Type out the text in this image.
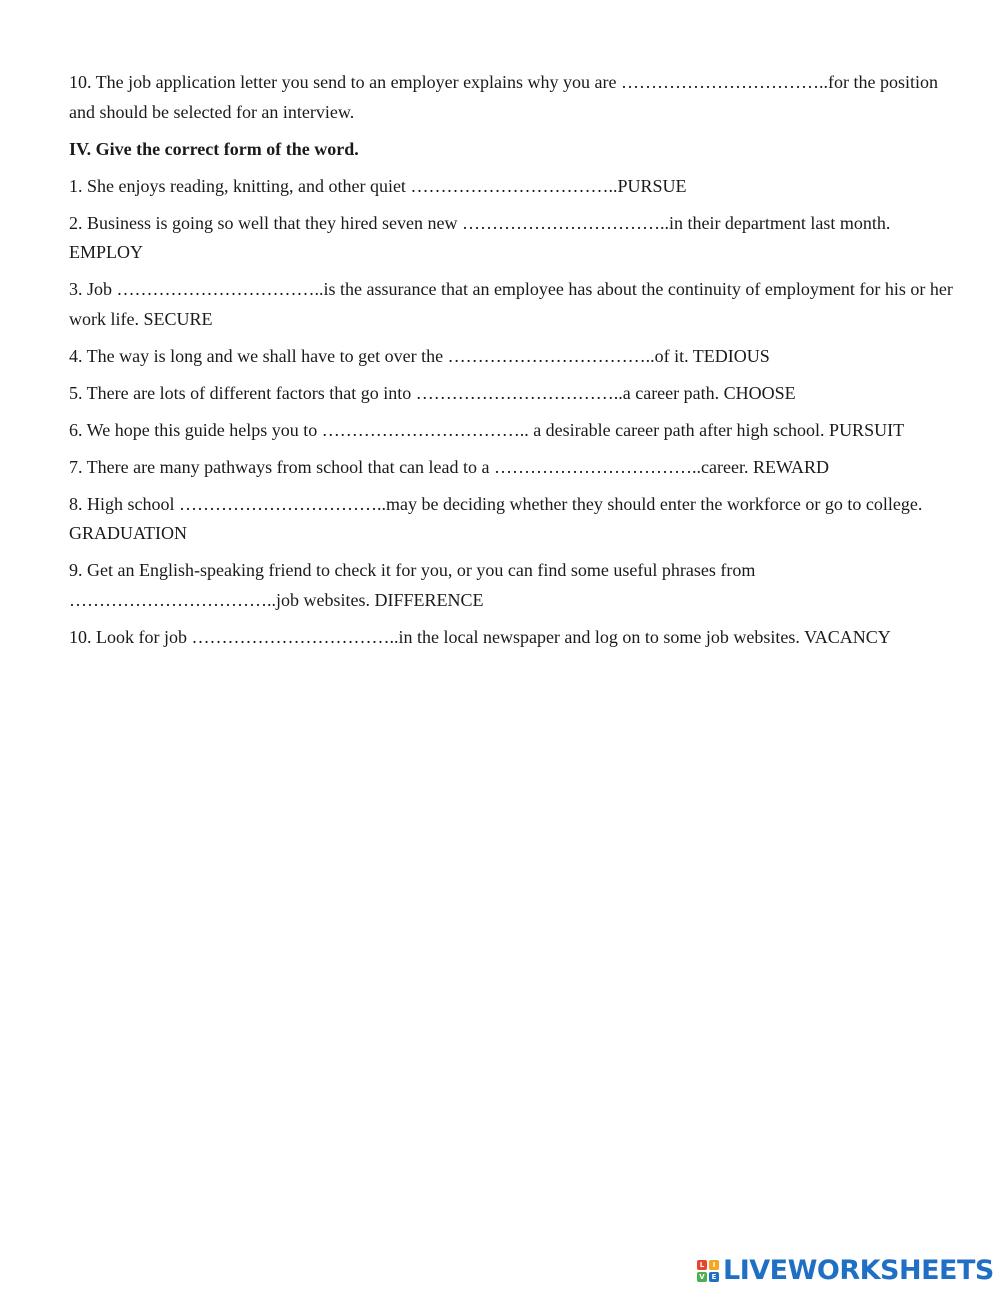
10. The job application letter you send to an employer explains why you are ……………………………..for the position and should be selected for an interview.

IV. Give the correct form of the word.

1. She enjoys reading, knitting, and other quiet ……………………………..PURSUE

2. Business is going so well that they hired seven new ……………………………..in their department last month. EMPLOY

3. Job ……………………………..is the assurance that an employee has about the continuity of employment for his or her work life. SECURE

4. The way is long and we shall have to get over the ……………………………..of it. TEDIOUS

5. There are lots of different factors that go into ……………………………..a career path. CHOOSE

6. We hope this guide helps you to …………………………….. a desirable career path after high school. PURSUIT

7. There are many pathways from school that can lead to a ……………………………..career. REWARD

8. High school ……………………………..may be deciding whether they should enter the workforce or go to college. GRADUATION

9. Get an English-speaking friend to check it for you, or you can find some useful phrases from ……………………………..job websites. DIFFERENCE

10. Look for job ……………………………..in the local newspaper and log on to some job websites. VACANCY

L	I
V E LIVEWORKSHEETS
